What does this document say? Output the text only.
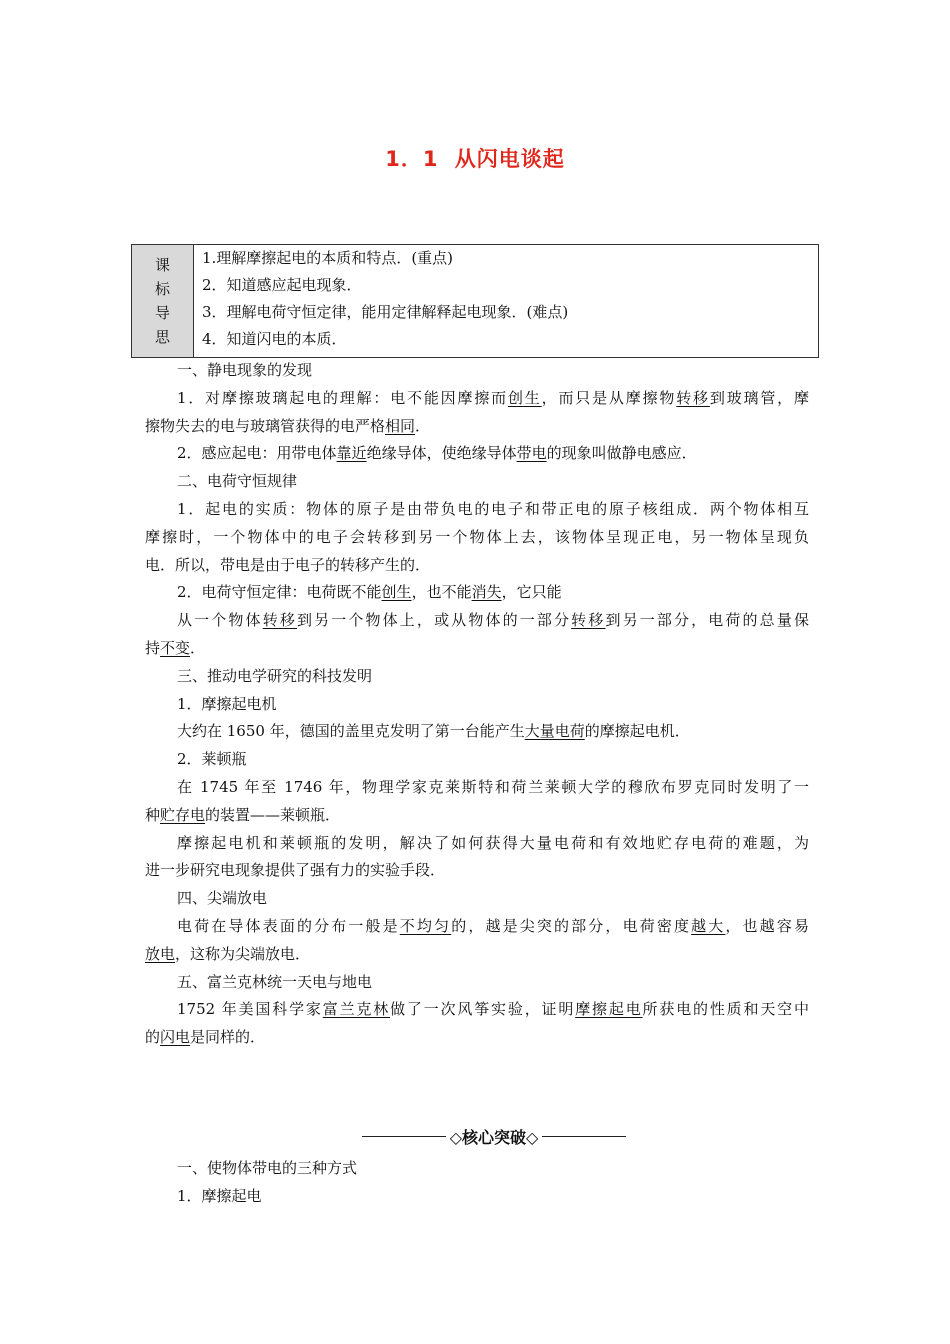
1．1 从闪电谈起
课
标
导
思
1.理解摩擦起电的本质和特点．(重点)
2．知道感应起电现象．
3．理解电荷守恒定律，能用定律解释起电现象．(难点)
4．知道闪电的本质．
一、静电现象的发现
1．对摩擦玻璃起电的理解：电不能因摩擦而创生，而只是从摩擦物转移到玻璃管，摩
擦物失去的电与玻璃管获得的电严格相同．
2．感应起电：用带电体靠近绝缘导体，使绝缘导体带电的现象叫做静电感应．
二、电荷守恒规律
1．起电的实质：物体的原子是由带负电的电子和带正电的原子核组成．两个物体相互
摩擦时，一个物体中的电子会转移到另一个物体上去，该物体呈现正电，另一物体呈现负
电．所以，带电是由于电子的转移产生的．
2．电荷守恒定律：电荷既不能创生，也不能消失，它只能
从一个物体转移到另一个物体上，或从物体的一部分转移到另一部分，电荷的总量保
持不变．
三、推动电学研究的科技发明
1．摩擦起电机
大约在 1650 年，德国的盖里克发明了第一台能产生大量电荷的摩擦起电机．
2．莱顿瓶
在 1745 年至 1746 年，物理学家克莱斯特和荷兰莱顿大学的穆欣布罗克同时发明了一
种贮存电的装置——莱顿瓶．
摩擦起电机和莱顿瓶的发明，解决了如何获得大量电荷和有效地贮存电荷的难题，为
进一步研究电现象提供了强有力的实验手段．
四、尖端放电
电荷在导体表面的分布一般是不均匀的，越是尖突的部分，电荷密度越大，也越容易
放电，这称为尖端放电．
五、富兰克林统一天电与地电
1752 年美国科学家富兰克林做了一次风筝实验，证明摩擦起电所获电的性质和天空中
的闪电是同样的．
◇核心突破◇
一、使物体带电的三种方式
1．摩擦起电
